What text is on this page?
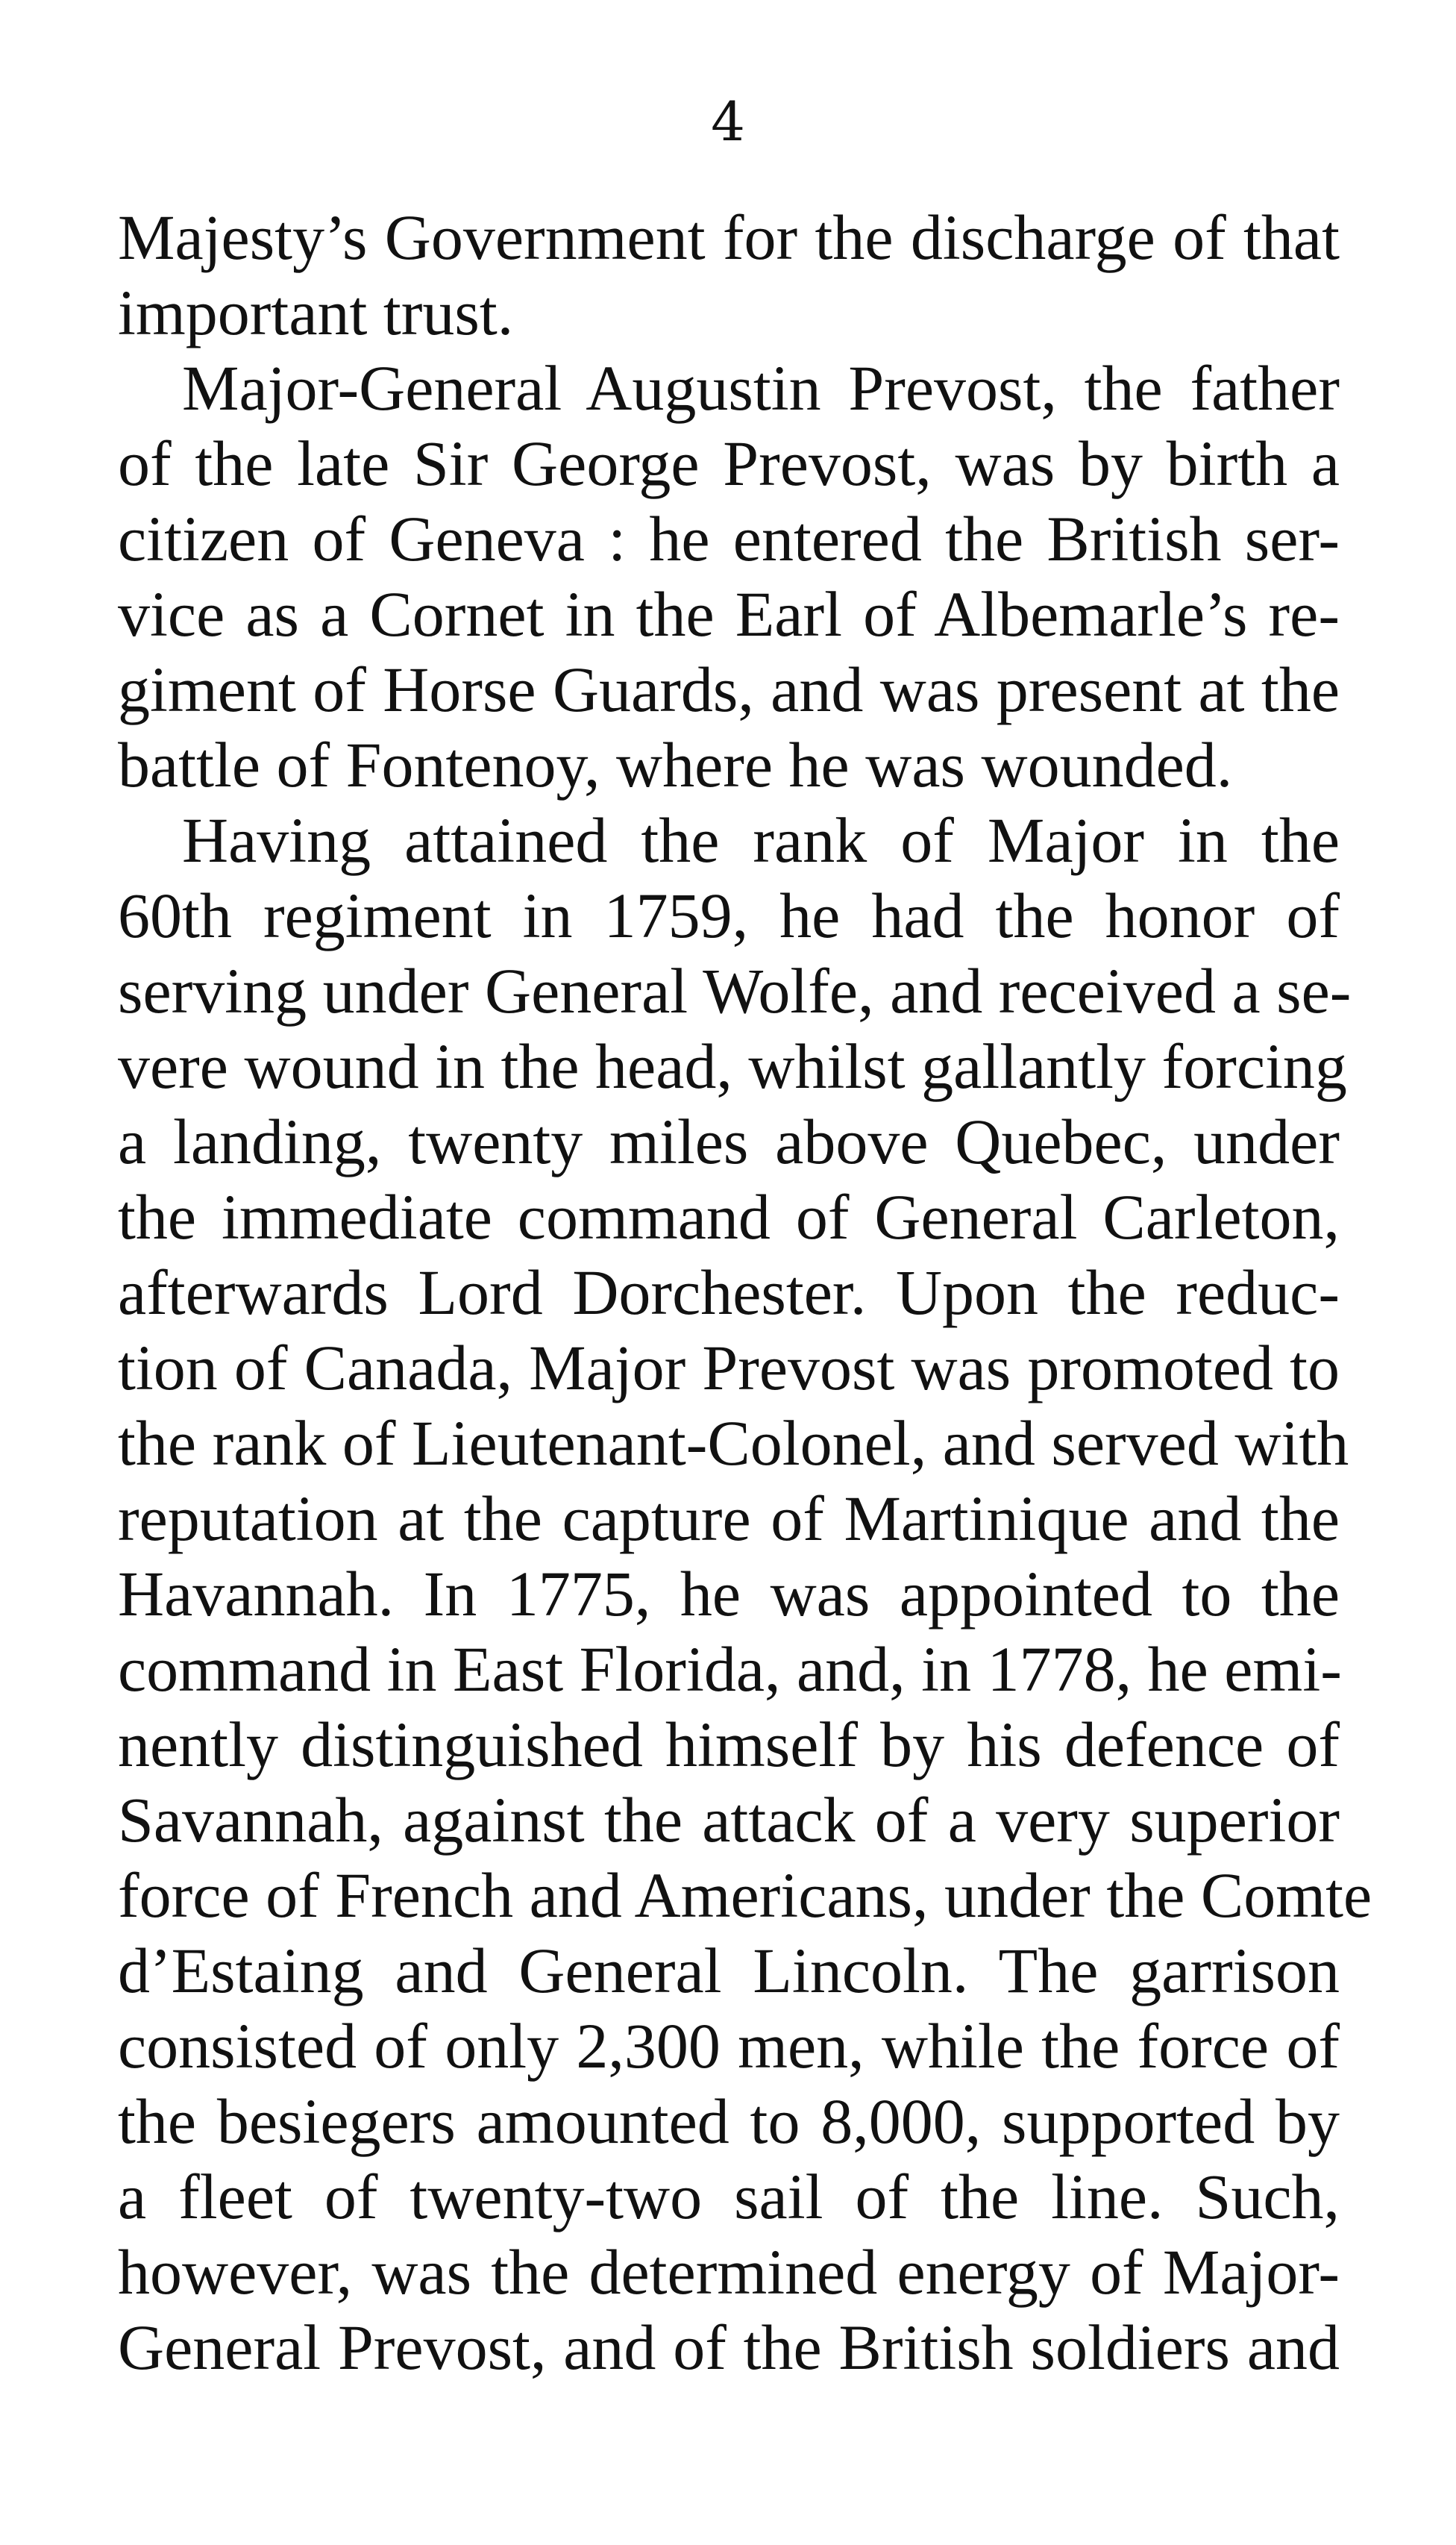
4
Majesty’s Government for the discharge of that
important trust.
Major-General Augustin Prevost, the father
of the late Sir George Prevost, was by birth a
citizen of Geneva : he entered the British ser-
vice as a Cornet in the Earl of Albemarle’s re-
giment of Horse Guards, and was present at the
battle of Fontenoy, where he was wounded.
Having attained the rank of Major in the
60th regiment in 1759, he had the honor of
serving under General Wolfe, and received a se-
vere wound in the head, whilst gallantly forcing
a landing, twenty miles above Quebec, under
the immediate command of General Carleton,
afterwards Lord Dorchester. Upon the reduc-
tion of Canada, Major Prevost was promoted to
the rank of Lieutenant-Colonel, and served with
reputation at the capture of Martinique and the
Havannah. In 1775, he was appointed to the
command in East Florida, and, in 1778, he emi-
nently distinguished himself by his defence of
Savannah, against the attack of a very superior
force of French and Americans, under the Comte
d’Estaing and General Lincoln. The garrison
consisted of only 2,300 men, while the force of
the besiegers amounted to 8,000, supported by
a fleet of twenty-two sail of the line. Such,
however, was the determined energy of Major-
General Prevost, and of the British soldiers and
